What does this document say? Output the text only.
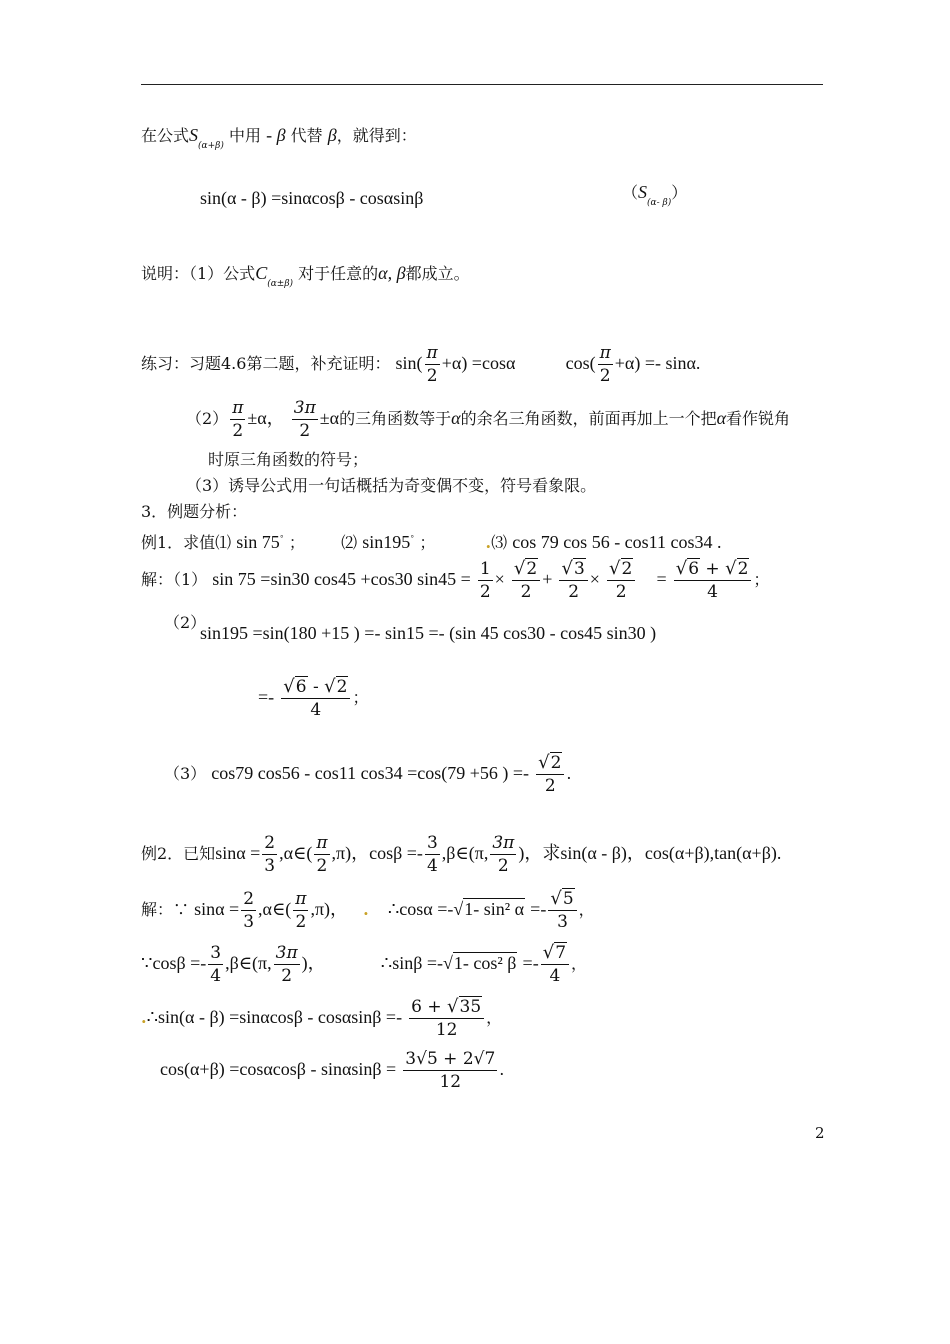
在公式$S_{(\alpha+\beta)}$ 中用 - β 代替 β，就得到：
sin(α - β) =sinαcosβ - cosαsinβ	$(S_{(\alpha- \beta)})$
说明：（1）公式$C_{(\alpha\pm\beta)}$ 对于任意的α, β都成立。
练习：习题4.6第二题，补充证明： $\sin( \frac{\pi}{2} +\alpha) =\cos\alpha$	$\cos( \frac{\pi}{2} +\alpha) =- \sin\alpha$.
$(2) \frac{\pi}{2} \pm\alpha$， $\frac{3\pi}{2} \pm\alpha$的三角函数等于α的余名三角函数，前面再加上一个把α看作锐角
时原三角函数的符号；
（3）诱导公式用一句话概括为奇变偶不变，符号看象限。
3．例题分析：
例1．求值⑴ sin 75° ； ⑵ sin195° ；	.⑶ cos 79 cos 56 - cos11 cos34 .
解：（1） sin 75 =sin30 cos45 +cos30 $\sin 45 = \frac{1}{2} \times \frac{√2}{2} + \frac{√3}{2} \times \frac{√2}{2} = \frac{√6 + √2}{4}$ ；
（2）
sin195 =sin(180 +15 ) =- sin15 =- (sin 45 cos30 - cos45 sin30 )
=- $\frac{√6 - √2}{4}$ ；
（3） cos79 cos56 - cos11 cos34 =cos(79 +56 ) =- $\frac{√2}{2}$ .
例2．已知$\sin\alpha = \frac{2}{3}$ ,α∈( $\frac{\pi}{2} ,\pi$)，$\cos\beta =- \frac{3}{4}$ ,β∈(π, $\frac{3\pi}{2}$ )，求sin(α - β)，cos(α+β),tan(α+β).
解：∵ $\sin\alpha = \frac{2}{3}$ ,α∈( $\frac{\pi}{2} ,\pi$)， . ∴cosα =-√1- sin² $\alpha =- \frac{√5}{3}$ ，
∵cosβ =- $\frac{3}{4}$ ,β∈(π, $\frac{3\pi}{2}$ )，	∴sinβ =-√1- cos² $\beta =- \frac{√7}{4}$ ，
.∴sin(α - $\beta) =\sin\alpha\cos\beta - \cos\alpha\sin\beta =- \frac{6 + √35}{12}$ ，
$\cos(\alpha+\beta) =\cos\alpha\cos\beta - \sin\alpha\sin\beta = \frac{3√5 + 2√7}{12}$ .
2
